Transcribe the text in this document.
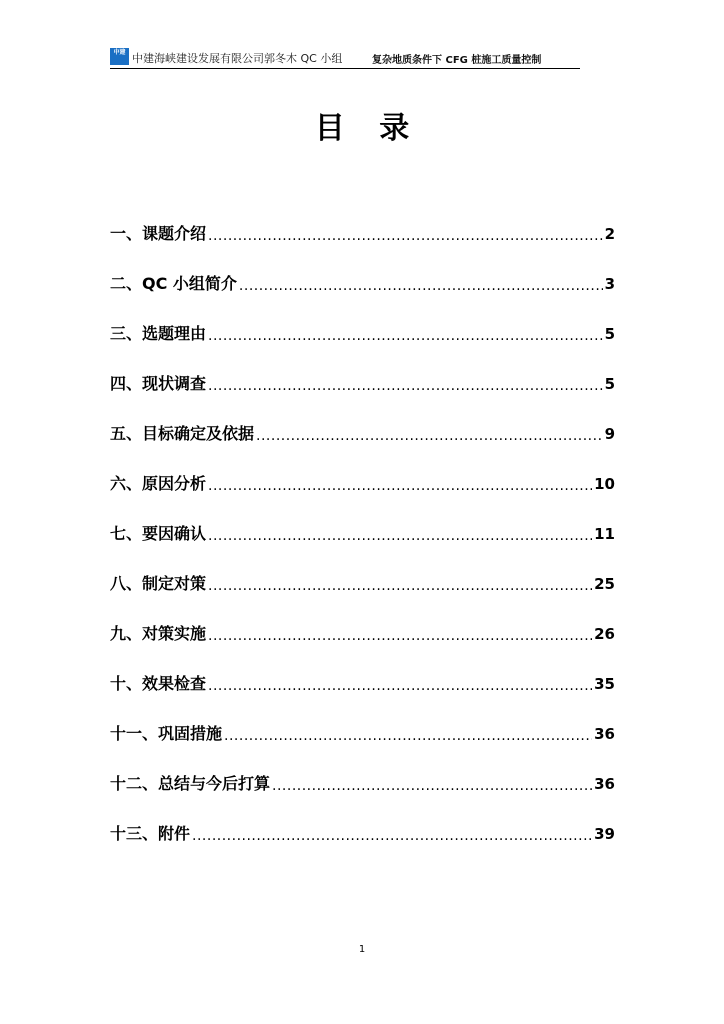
中建 中建海峡建设发展有限公司郭冬木 QC 小组	复杂地质条件下 CFG 桩施工质量控制
目 录
一、课题介绍 .....	2
二、QC 小组简介 .....	3
三、选题理由 .....	5
四、现状调查 .....	5
五、目标确定及依据 .....	9
六、原因分析 .....	10
七、要因确认 .....	11
八、制定对策 .....	25
九、对策实施 .....	26
十、效果检查 .....	35
十一、巩固措施 .....	36
十二、总结与今后打算 .....	36
十三、附件 .....	39
1
